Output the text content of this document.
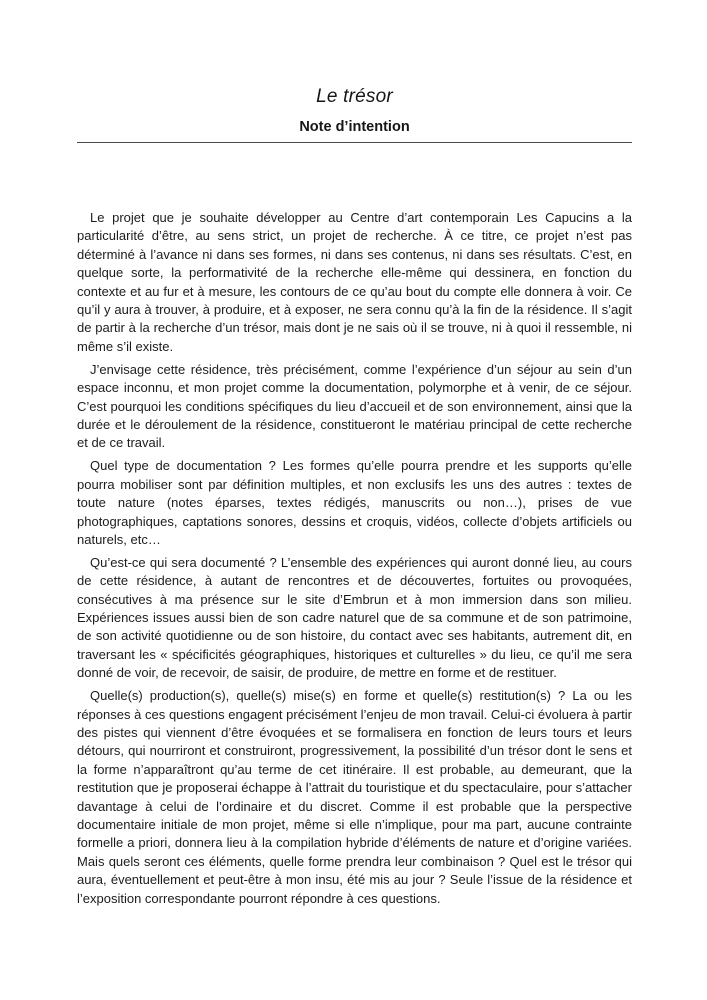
Le trésor
Note d’intention

Le projet que je souhaite développer au Centre d’art contemporain Les Capucins a la particularité d’être, au sens strict, un projet de recherche. À ce titre, ce projet n’est pas déterminé à l’avance ni dans ses formes, ni dans ses contenus, ni dans ses résultats. C’est, en quelque sorte, la performativité de la recherche elle-même qui dessinera, en fonction du contexte et au fur et à mesure, les contours de ce qu’au bout du compte elle donnera à voir. Ce qu’il y aura à trouver, à produire, et à exposer, ne sera connu qu’à la fin de la résidence. Il s’agit de partir à la recherche d’un trésor, mais dont je ne sais où il se trouve, ni à quoi il ressemble, ni même s’il existe.

J’envisage cette résidence, très précisément, comme l’expérience d’un séjour au sein d’un espace inconnu, et mon projet comme la documentation, polymorphe et à venir, de ce séjour. C’est pourquoi les conditions spécifiques du lieu d’accueil et de son environnement, ainsi que la durée et le déroulement de la résidence, constitueront le matériau principal de cette recherche et de ce travail.

Quel type de documentation ? Les formes qu’elle pourra prendre et les supports qu’elle pourra mobiliser sont par définition multiples, et non exclusifs les uns des autres : textes de toute nature (notes éparses, textes rédigés, manuscrits ou non…), prises de vue photographiques, captations sonores, dessins et croquis, vidéos, collecte d’objets artificiels ou naturels, etc…

Qu’est-ce qui sera documenté ? L’ensemble des expériences qui auront donné lieu, au cours de cette résidence, à autant de rencontres et de découvertes, fortuites ou provoquées, consécutives à ma présence sur le site d’Embrun et à mon immersion dans son milieu. Expériences issues aussi bien de son cadre naturel que de sa commune et de son patrimoine, de son activité quotidienne ou de son histoire, du contact avec ses habitants, autrement dit, en traversant les « spécificités géographiques, historiques et culturelles » du lieu, ce qu’il me sera donné de voir, de recevoir, de saisir, de produire, de mettre en forme et de restituer.

Quelle(s) production(s), quelle(s) mise(s) en forme et quelle(s) restitution(s) ? La ou les réponses à ces questions engagent précisément l’enjeu de mon travail. Celui-ci évoluera à partir des pistes qui viennent d’être évoquées et se formalisera en fonction de leurs tours et leurs détours, qui nourriront et construiront, progressivement, la possibilité d’un trésor dont le sens et la forme n’apparaîtront qu’au terme de cet itinéraire. Il est probable, au demeurant, que la restitution que je proposerai échappe à l’attrait du touristique et du spectaculaire, pour s’attacher davantage à celui de l’ordinaire et du discret. Comme il est probable que la perspective documentaire initiale de mon projet, même si elle n’implique, pour ma part, aucune contrainte formelle a priori, donnera lieu à la compilation hybride d’éléments de nature et d’origine variées. Mais quels seront ces éléments, quelle forme prendra leur combinaison ? Quel est le trésor qui aura, éventuellement et peut-être à mon insu, été mis au jour ? Seule l’issue de la résidence et l’exposition correspondante pourront répondre à ces questions.
